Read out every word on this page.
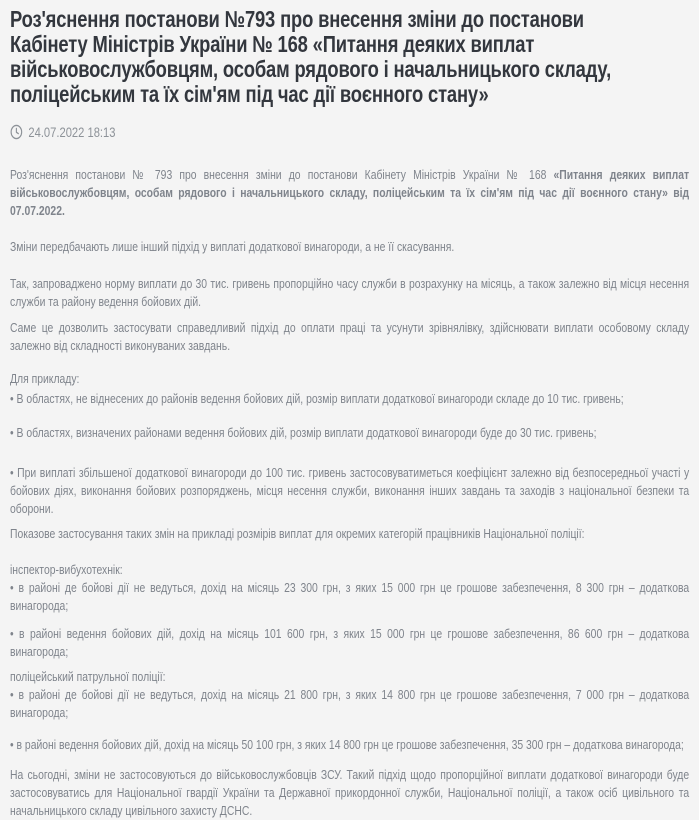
Роз'яснення постанови №793 про внесення зміни до постанови
Кабінету Міністрів України № 168 «Питання деяких виплат
військовослужбовцям, особам рядового і начальницького складу,
поліцейським та їх сім'ям під час дії воєнного стану»
24.07.2022 18:13

Роз'яснення постанови № 793 про внесення зміни до постанови Кабінету Міністрів України № 168 «Питання деяких виплат військовослужбовцям, особам рядового і начальницького складу, поліцейським та їх сім'ям під час дії воєнного стану» від 07.07.2022.

Зміни передбачають лише інший підхід у виплаті додаткової винагороди, а не її скасування.

Так, запроваджено норму виплати до 30 тис. гривень пропорційно часу служби в розрахунку на місяць, а також залежно від місця несення служби та району ведення бойових дій.

Саме це дозволить застосувати справедливий підхід до оплати праці та усунути зрівнялівку, здійснювати виплати особовому складу залежно від складності виконуваних завдань.

Для прикладу:

• В областях, не віднесених до районів ведення бойових дій, розмір виплати додаткової винагороди складе до 10 тис. гривень;

• В областях, визначених районами ведення бойових дій, розмір виплати додаткової винагороди буде до 30 тис. гривень;

• При виплаті збільшеної додаткової винагороди до 100 тис. гривень застосовуватиметься коефіцієнт залежно від безпосередньої участі у бойових діях, виконання бойових розпоряджень, місця несення служби, виконання інших завдань та заходів з національної безпеки та оборони.

Показове застосування таких змін на прикладі розмірів виплат для окремих категорій працівників Національної поліції:

інспектор-вибухотехнік:

• в районі де бойові дії не ведуться, дохід на місяць 23 300 грн, з яких 15 000 грн це грошове забезпечення, 8 300 грн – додаткова винагорода;

• в районі ведення бойових дій, дохід на місяць 101 600 грн, з яких 15 000 грн це грошове забезпечення, 86 600 грн – додаткова винагорода;

поліцейський патрульної поліції:

• в районі де бойові дії не ведуться, дохід на місяць 21 800 грн, з яких 14 800 грн це грошове забезпечення, 7 000 грн – додаткова винагорода;

• в районі ведення бойових дій, дохід на місяць 50 100 грн, з яких 14 800 грн це грошове забезпечення, 35 300 грн – додаткова винагорода;

На сьогодні, зміни не застосовуються до військовослужбовців ЗСУ. Такий підхід щодо пропорційної виплати додаткової винагороди буде застосовуватись для Національної гвардії України та Державної прикордонної служби, Національної поліції, а також осіб цивільного та начальницького складу цивільного захисту ДСНС.
